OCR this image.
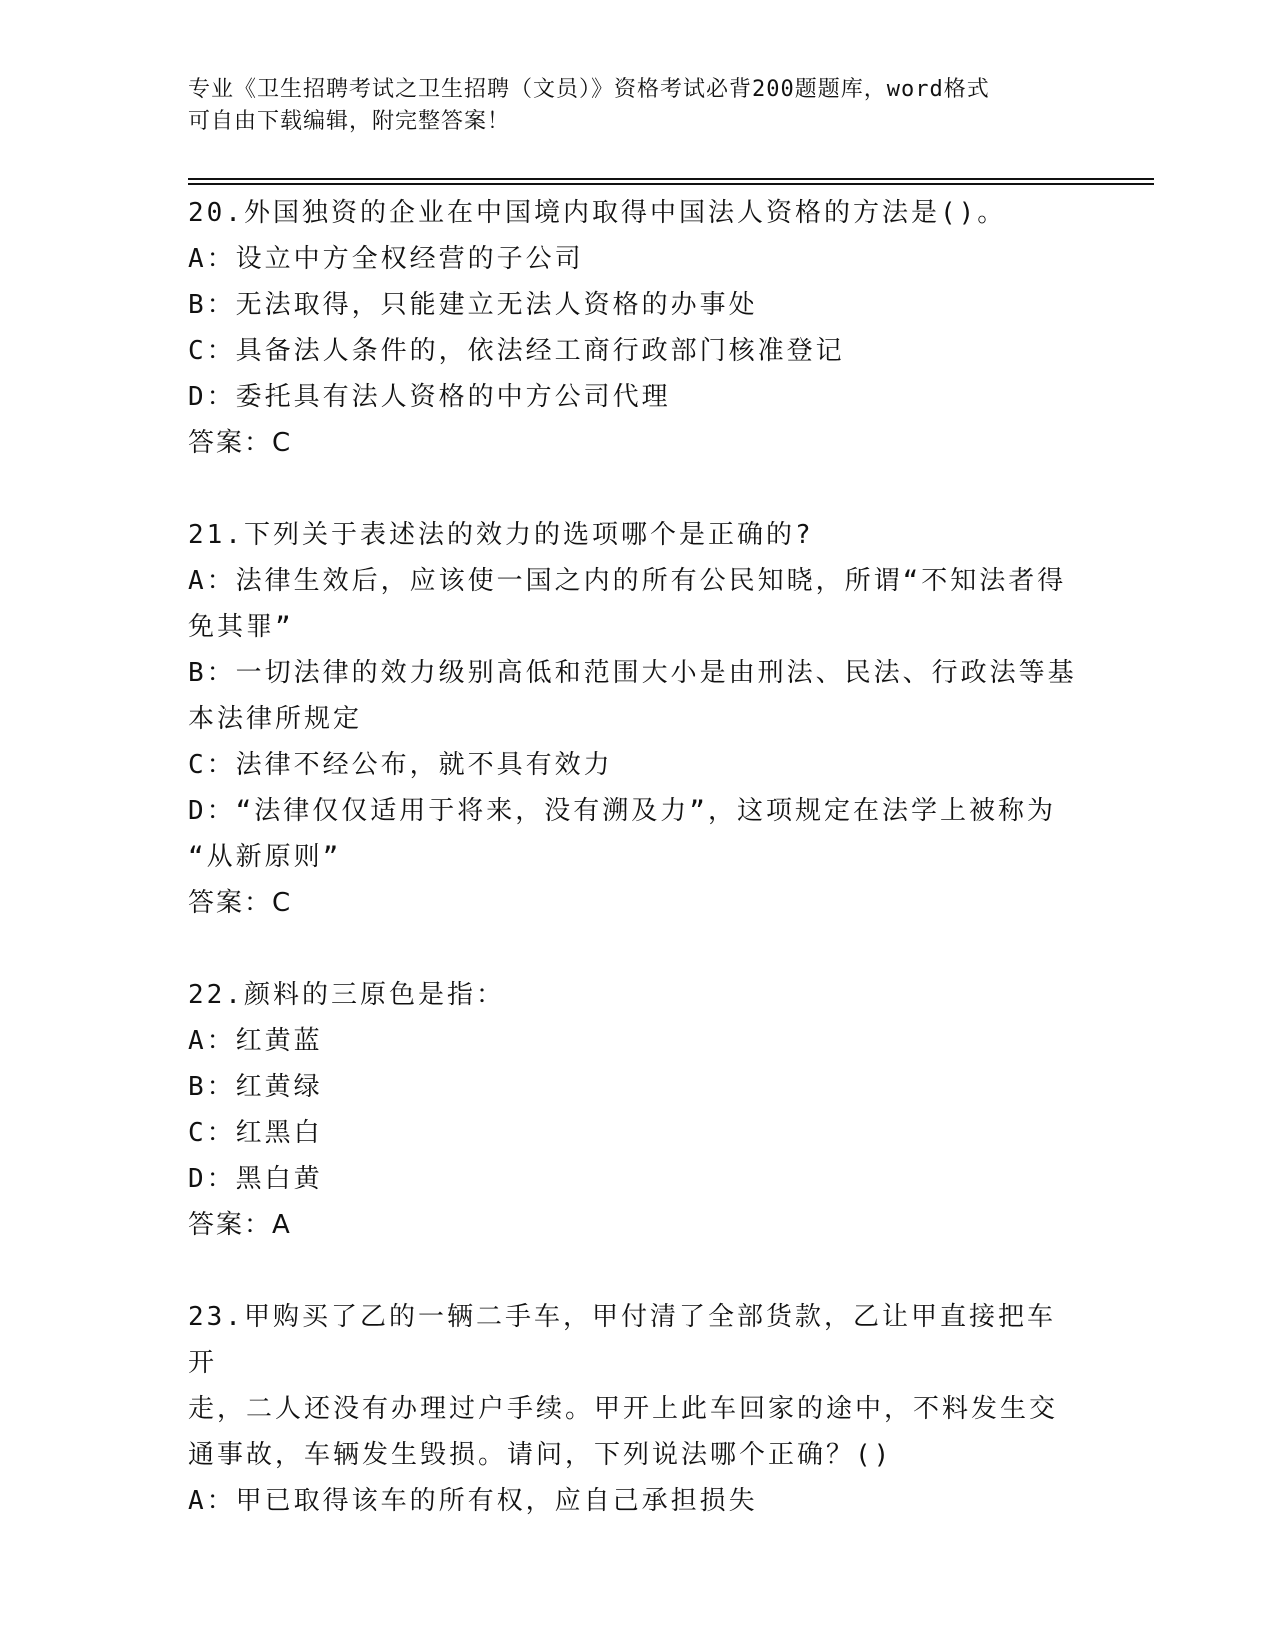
专业《卫生招聘考试之卫生招聘（文员）》资格考试必背200题题库，word格式
可自由下载编辑，附完整答案！
20.外国独资的企业在中国境内取得中国法人资格的方法是()。
A：设立中方全权经营的子公司
B：无法取得，只能建立无法人资格的办事处
C：具备法人条件的，依法经工商行政部门核准登记
D：委托具有法人资格的中方公司代理
答案：C
21.下列关于表述法的效力的选项哪个是正确的?
A：法律生效后，应该使一国之内的所有公民知晓，所谓“不知法者得
免其罪”
B：一切法律的效力级别高低和范围大小是由刑法、民法、行政法等基
本法律所规定
C：法律不经公布，就不具有效力
D：“法律仅仅适用于将来，没有溯及力”，这项规定在法学上被称为
“从新原则”
答案：C
22.颜料的三原色是指：
A：红黄蓝
B：红黄绿
C：红黑白
D：黑白黄
答案：A
23.甲购买了乙的一辆二手车，甲付清了全部货款，乙让甲直接把车开
走，二人还没有办理过户手续。甲开上此车回家的途中，不料发生交
通事故，车辆发生毁损。请问，下列说法哪个正确？()
A：甲已取得该车的所有权，应自己承担损失
